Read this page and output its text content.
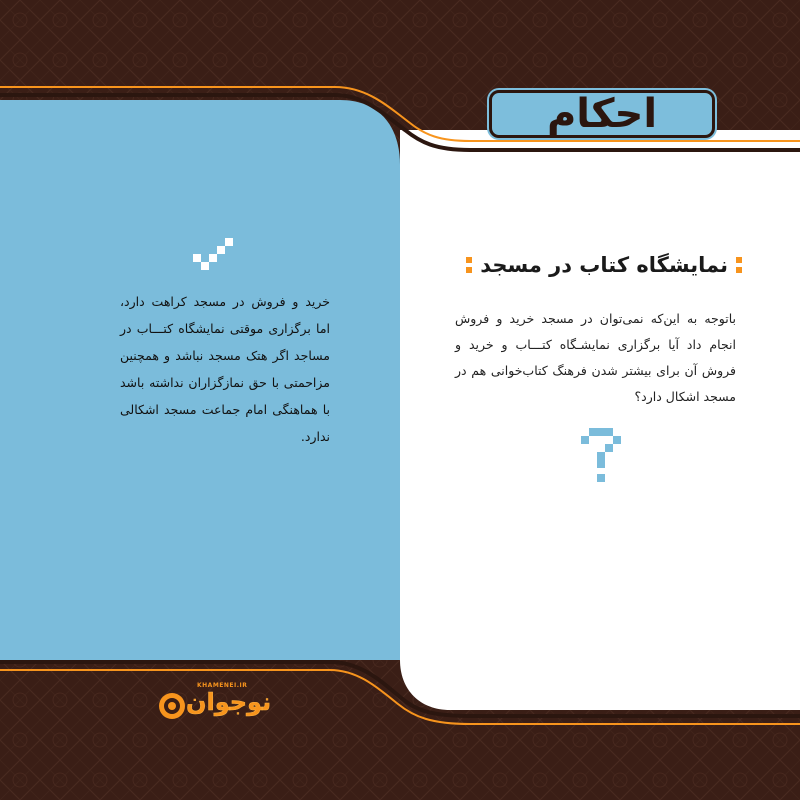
احکام
نمایشگاه کتاب در مسجد
باتوجه به این‌که نمی‌توان در مسجد خرید و فروش انجام داد آیا برگزاری نمایشـگاه کتـــاب و خرید و فروش آن برای بیشتر شدن فرهنگ کتاب‌خوانی هم در مسجد اشکال دارد؟
خرید و فروش در مسجد کراهت دارد، اما برگزاری موقتی نمایشگاه کتـــاب در مساجد اگر هتک مسجد نباشد و همچنین مزاحمتی با حق نمازگزاران نداشته باشد با هماهنگی امام جماعت مسجد اشکالی ندارد.
KHAMENEI.IR
نوجوان
